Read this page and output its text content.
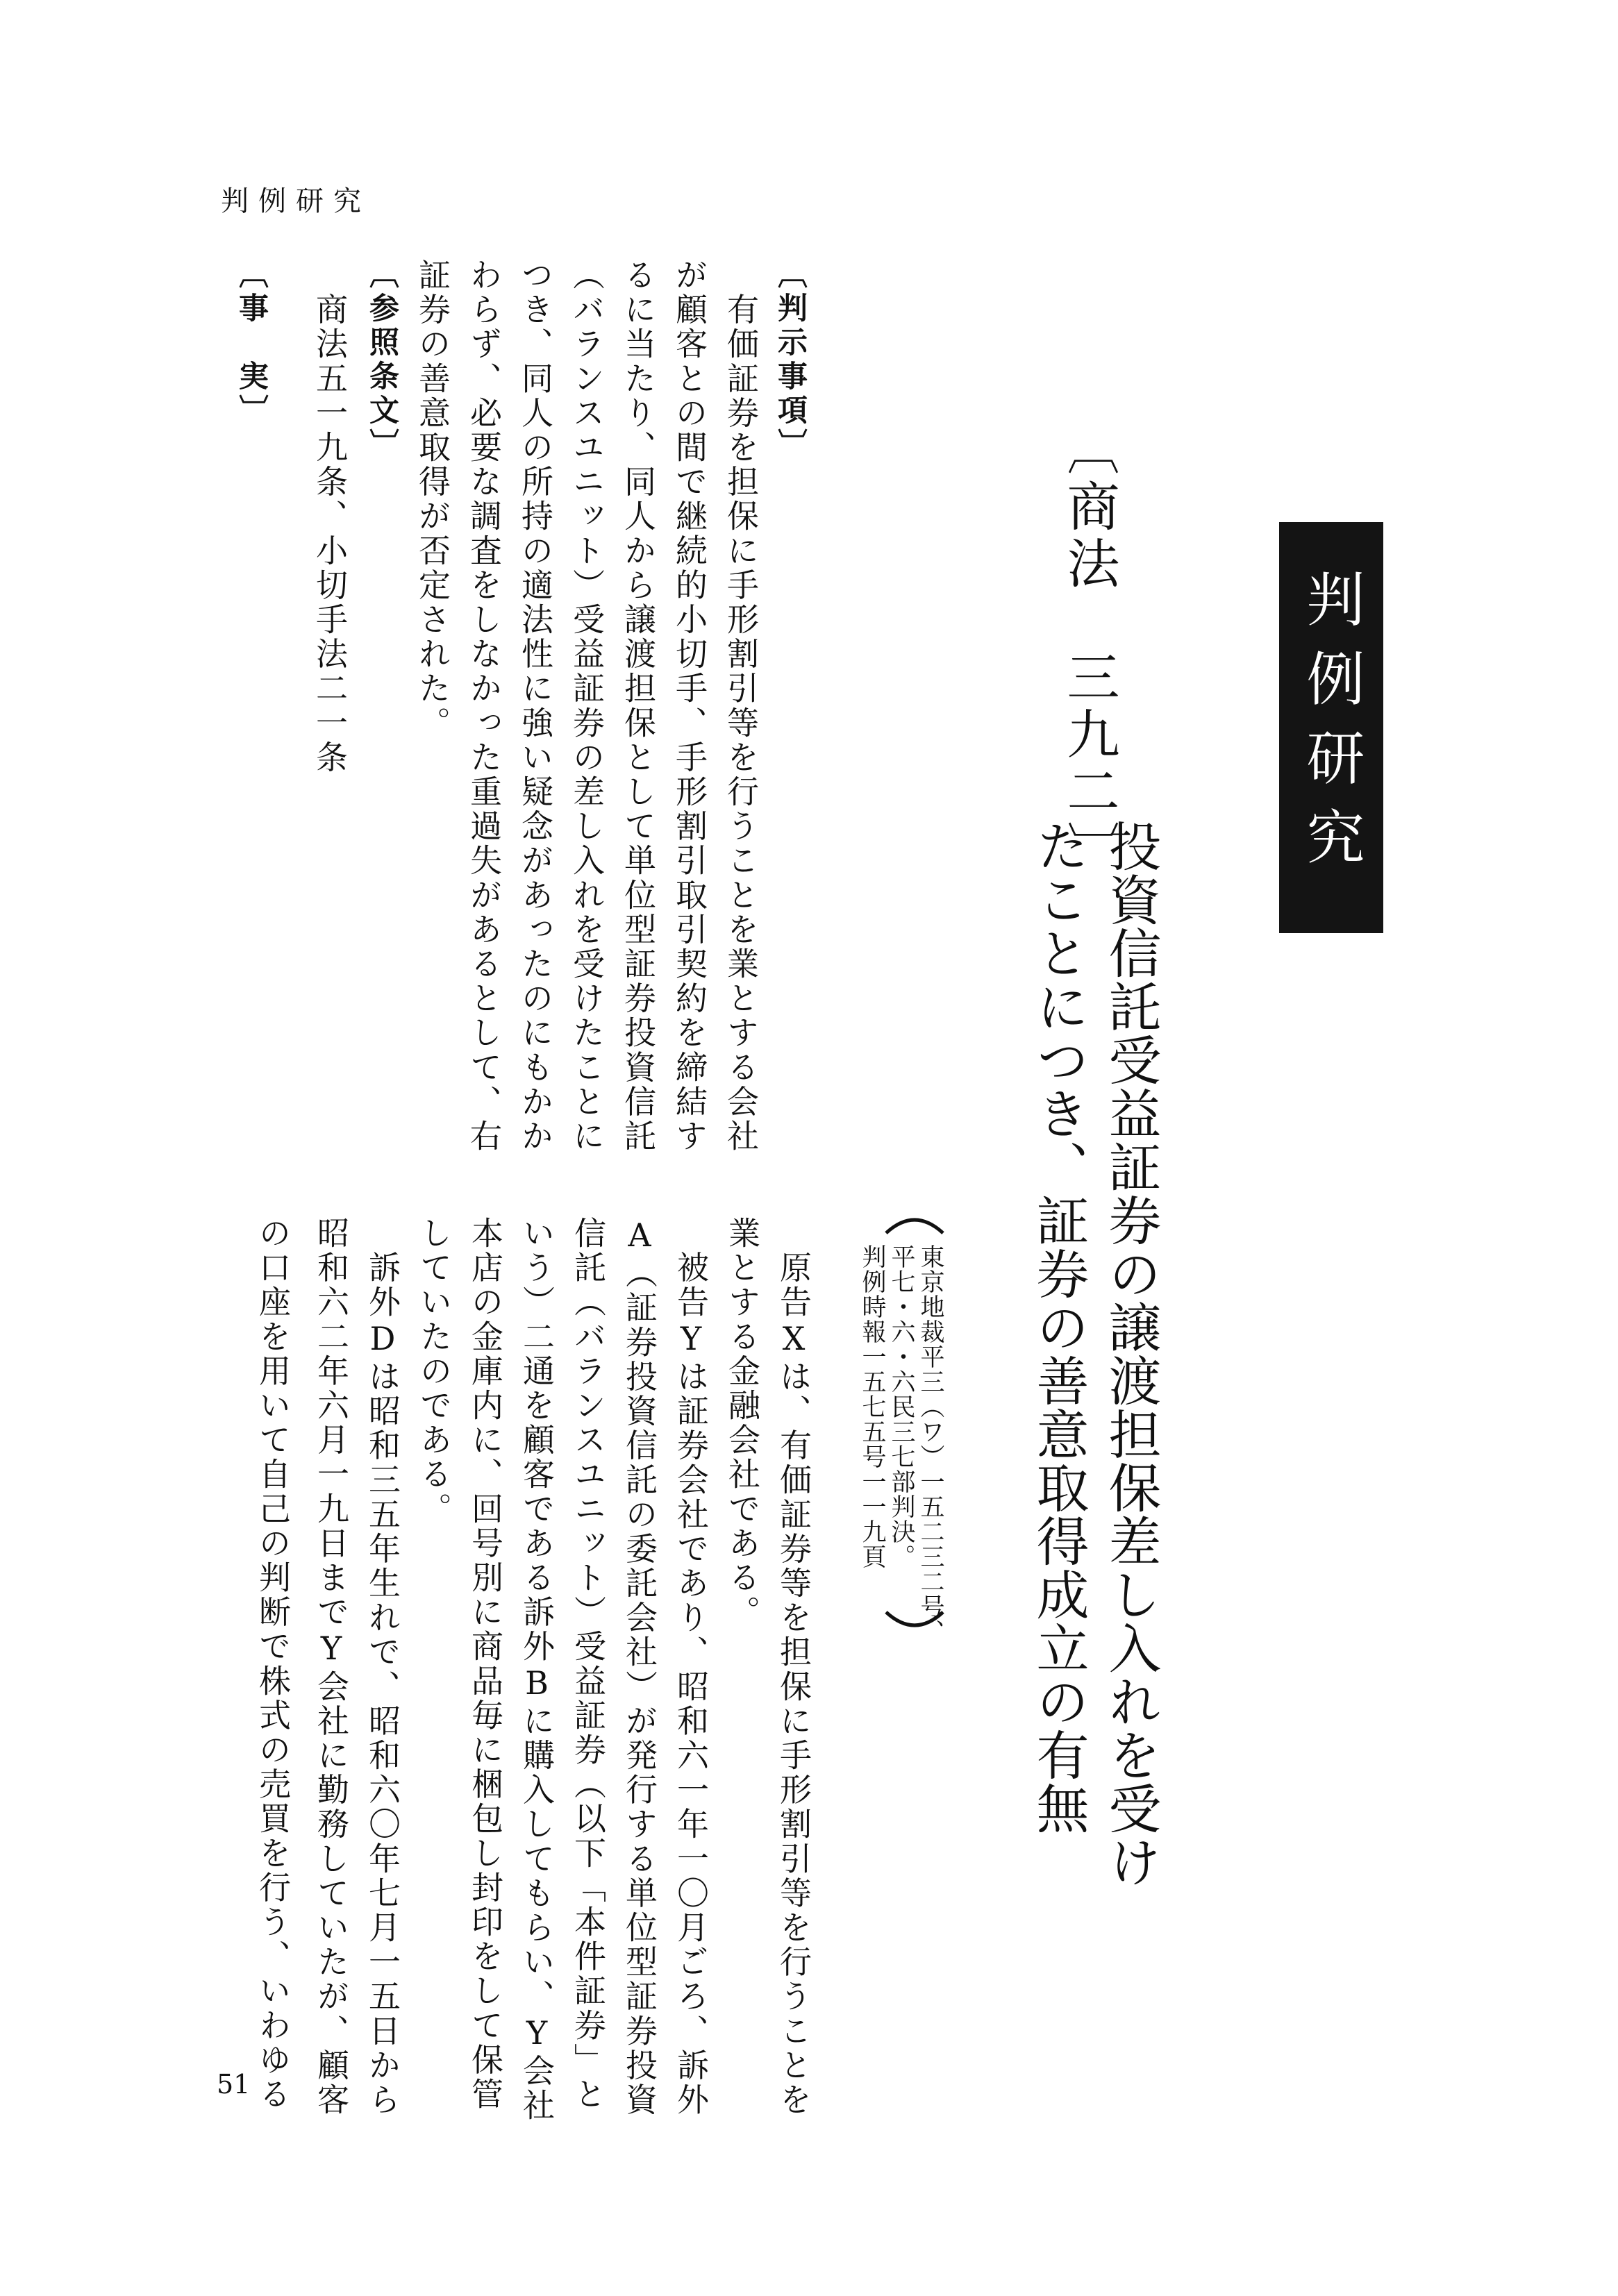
判例研究
判例研究
〔商法　三九二〕
投資信託受益証券の譲渡担保差し入れを受け
たことにつき、証券の善意取得成立の有無
東京地裁平三（ワ）一五二三二号、
平七・六・六民三七部判決。
判例時報一五七五号一一九頁
〔判示事項〕
　有価証券を担保に手形割引等を行うことを業とする会社
が顧客との間で継続的小切手、手形割引取引契約を締結す
るに当たり、同人から譲渡担保として単位型証券投資信託
（バランスユニット）受益証券の差し入れを受けたことに
つき、同人の所持の適法性に強い疑念があったのにもかか
わらず、必要な調査をしなかった重過失があるとして、右
証券の善意取得が否定された。
〔参照条文〕
　商法五一九条、小切手法二一条
〔事　実〕
　原告Xは、有価証券等を担保に手形割引等を行うことを
業とする金融会社である。
　被告Yは証券会社であり、昭和六一年一〇月ごろ、訴外
A（証券投資信託の委託会社）が発行する単位型証券投資
信託（バランスユニット）受益証券（以下「本件証券」と
いう）二通を顧客である訴外Bに購入してもらい、Y会社
本店の金庫内に、回号別に商品毎に梱包し封印をして保管
していたのである。
　訴外Dは昭和三五年生れで、昭和六〇年七月一五日から
昭和六二年六月一九日までY会社に勤務していたが、顧客
の口座を用いて自己の判断で株式の売買を行う、いわゆる
51
